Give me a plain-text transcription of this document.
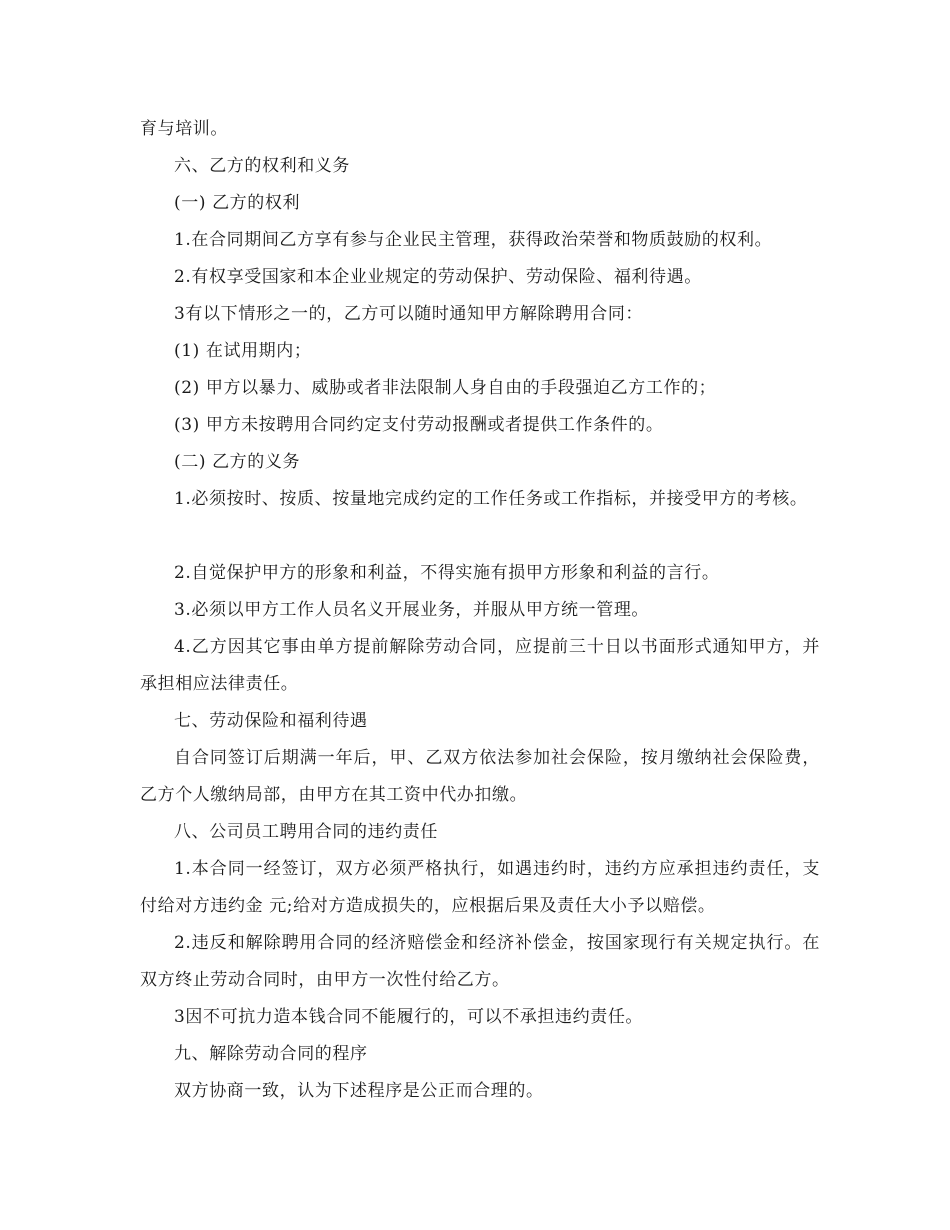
育与培训。

六、乙方的权利和义务

(一) 乙方的权利

1.在合同期间乙方享有参与企业民主管理，获得政治荣誉和物质鼓励的权利。

2.有权享受国家和本企业业规定的劳动保护、劳动保险、福利待遇。

3有以下情形之一的，乙方可以随时通知甲方解除聘用合同：

(1) 在试用期内；

(2) 甲方以暴力、威胁或者非法限制人身自由的手段强迫乙方工作的；

(3) 甲方未按聘用合同约定支付劳动报酬或者提供工作条件的。

(二) 乙方的义务

1.必须按时、按质、按量地完成约定的工作任务或工作指标，并接受甲方的考核。

2.自觉保护甲方的形象和利益，不得实施有损甲方形象和利益的言行。

3.必须以甲方工作人员名义开展业务，并服从甲方统一管理。

4.乙方因其它事由单方提前解除劳动合同，应提前三十日以书面形式通知甲方，并承担相应法律责任。

七、劳动保险和福利待遇

自合同签订后期满一年后，甲、乙双方依法参加社会保险，按月缴纳社会保险费，乙方个人缴纳局部，由甲方在其工资中代办扣缴。

八、公司员工聘用合同的违约责任

1.本合同一经签订，双方必须严格执行，如遇违约时，违约方应承担违约责任，支付给对方违约金 元;给对方造成损失的，应根据后果及责任大小予以赔偿。

2.违反和解除聘用合同的经济赔偿金和经济补偿金，按国家现行有关规定执行。在双方终止劳动合同时，由甲方一次性付给乙方。

3因不可抗力造本钱合同不能履行的，可以不承担违约责任。

九、解除劳动合同的程序

双方协商一致，认为下述程序是公正而合理的。
